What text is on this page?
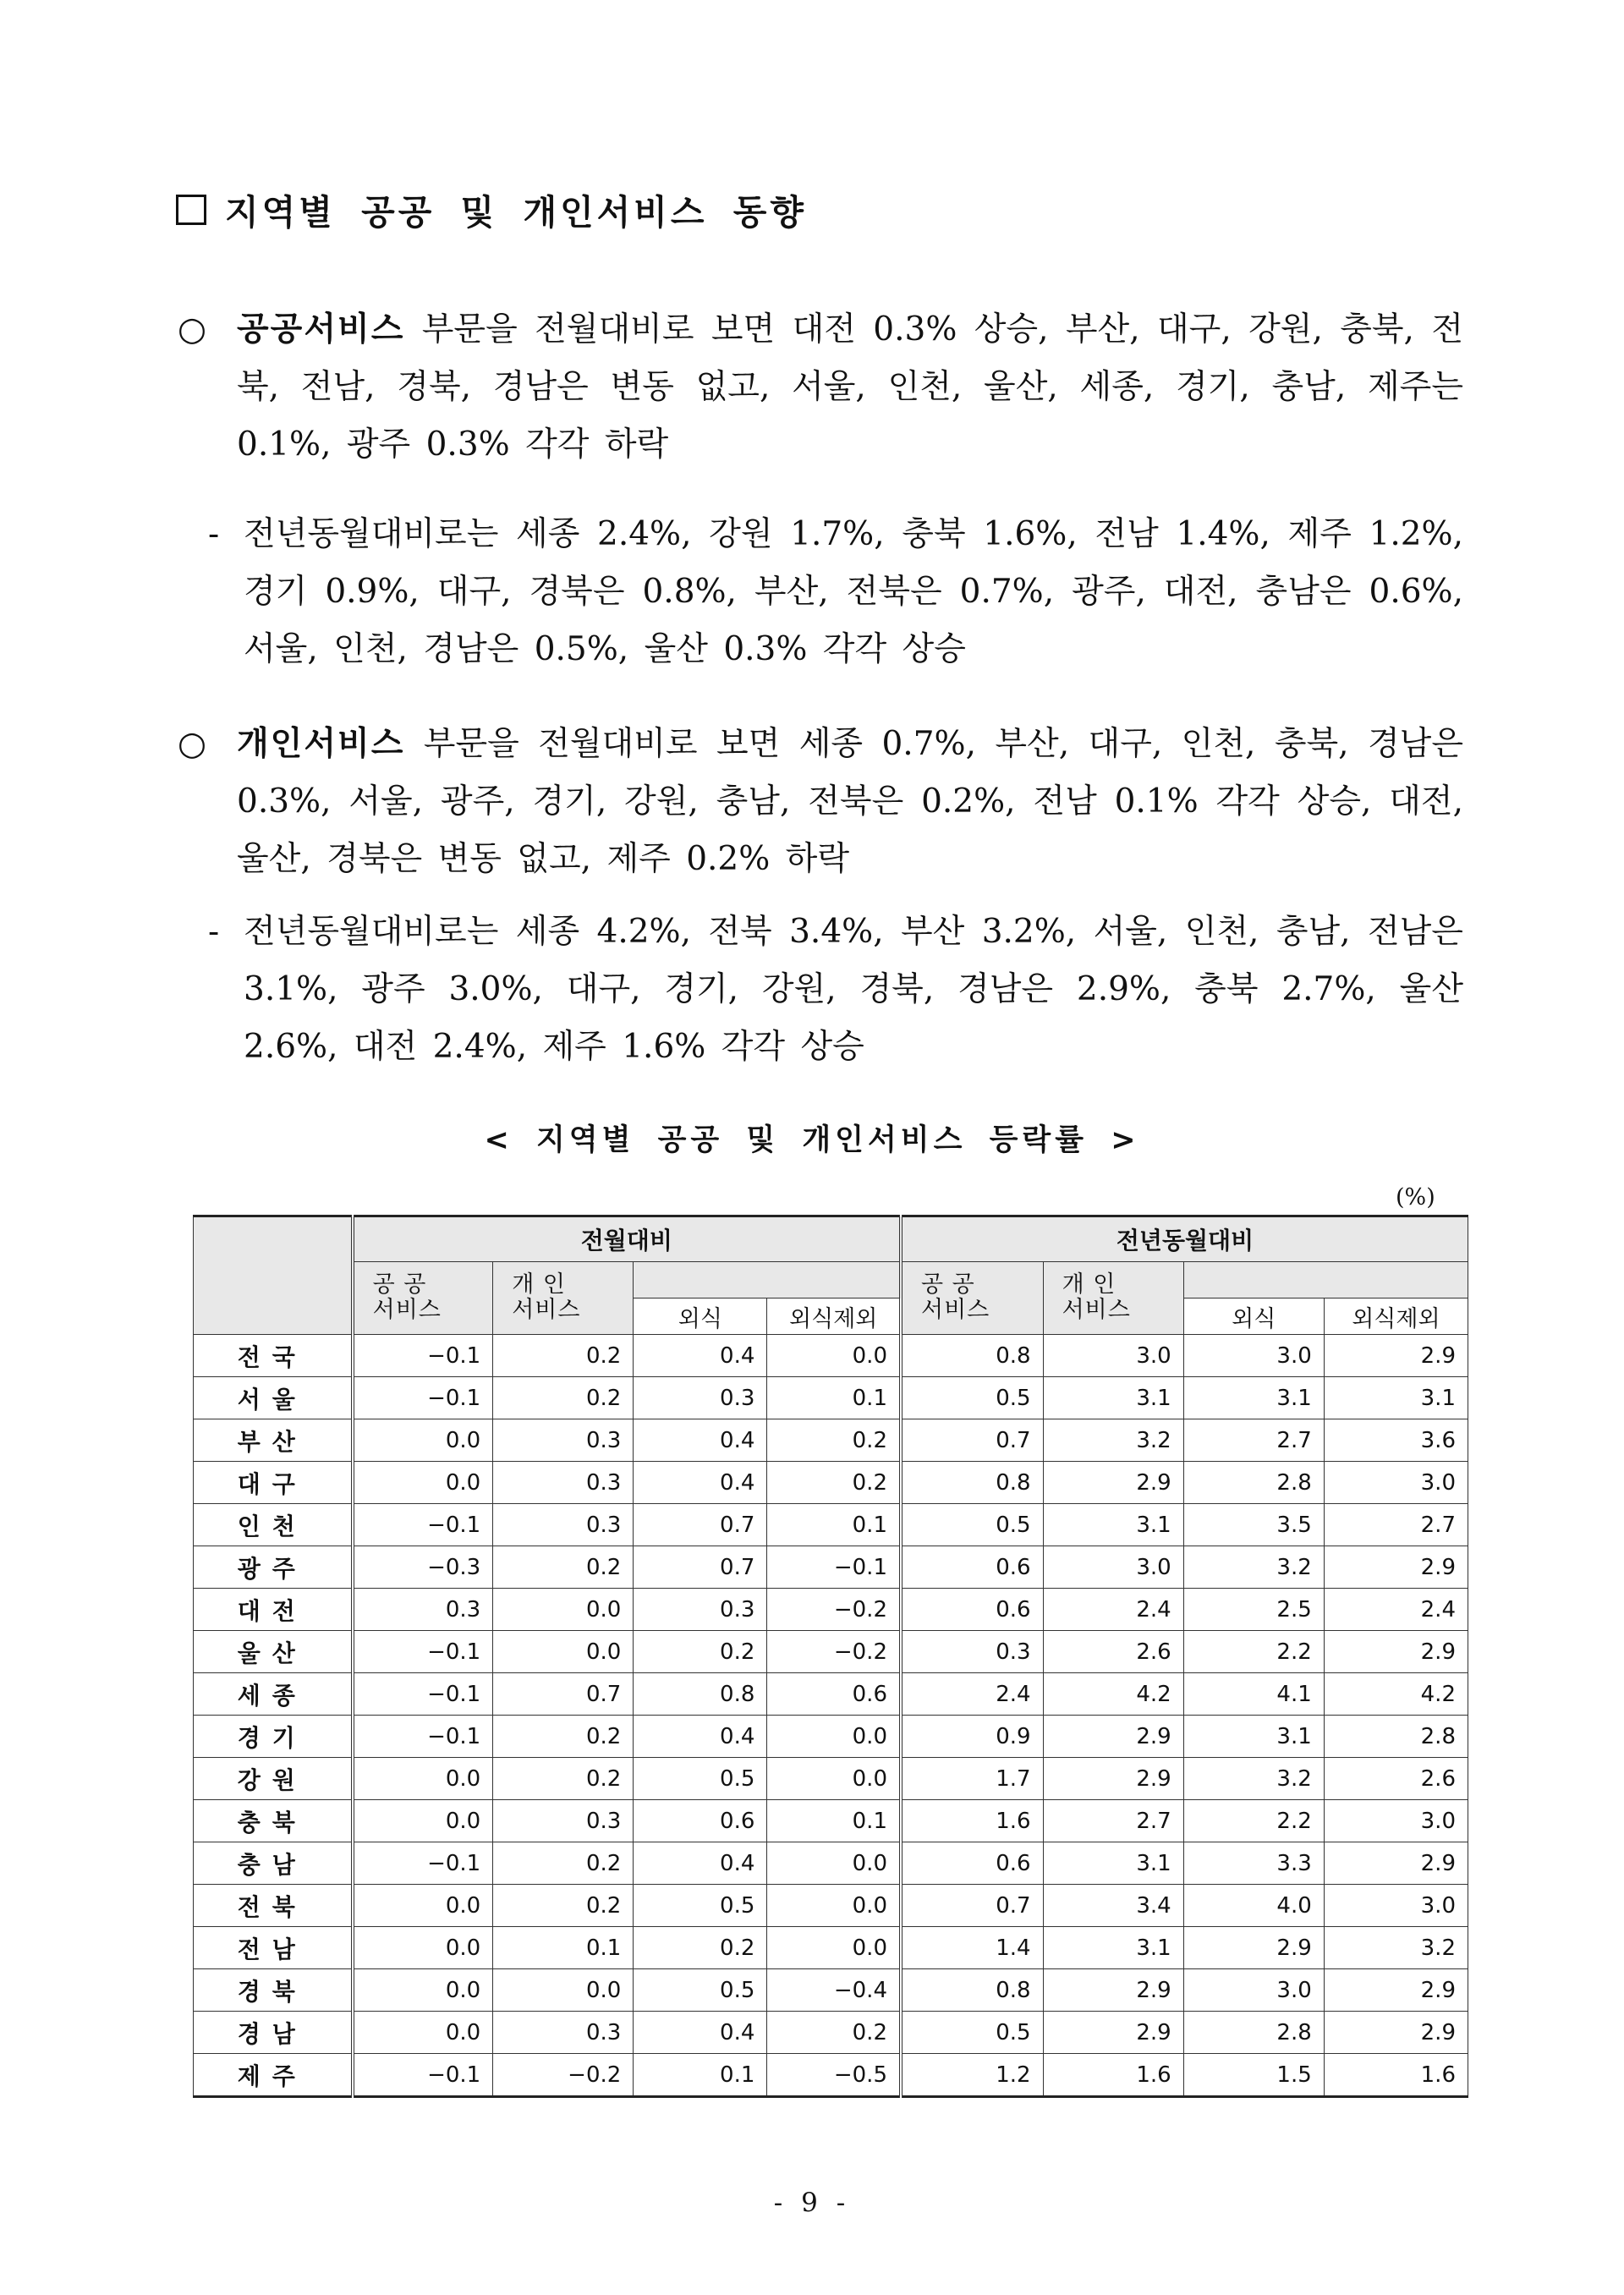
지역별 공공 및 개인서비스 동향
○ 공공서비스 부문을 전월대비로 보면 대전 0.3% 상승, 부산, 대구, 강원, 충북, 전북, 전남, 경북, 경남은 변동 없고, 서울, 인천, 울산, 세종, 경기, 충남, 제주는 0.1%, 광주 0.3% 각각 하락
- 전년동월대비로는 세종 2.4%, 강원 1.7%, 충북 1.6%, 전남 1.4%, 제주 1.2%, 경기 0.9%, 대구, 경북은 0.8%, 부산, 전북은 0.7%, 광주, 대전, 충남은 0.6%, 서울, 인천, 경남은 0.5%, 울산 0.3% 각각 상승
○ 개인서비스 부문을 전월대비로 보면 세종 0.7%, 부산, 대구, 인천, 충북, 경남은 0.3%, 서울, 광주, 경기, 강원, 충남, 전북은 0.2%, 전남 0.1% 각각 상승, 대전, 울산, 경북은 변동 없고, 제주 0.2% 하락
- 전년동월대비로는 세종 4.2%, 전북 3.4%, 부산 3.2%, 서울, 인천, 충남, 전남은 3.1%, 광주 3.0%, 대구, 경기, 강원, 경북, 경남은 2.9%, 충북 2.7%, 울산 2.6%, 대전 2.4%, 제주 1.6% 각각 상승
< 지역별 공공 및 개인서비스 등락률 >
(%)
	전월대비				전년동월대비			
	공 공
서비스	개 인
서비스			공 공
서비스	개 인
서비스		
			외식	외식제외			외식	외식제외
전국	−0.1	0.2	0.4	0.0	0.8	3.0	3.0	2.9
서울	−0.1	0.2	0.3	0.1	0.5	3.1	3.1	3.1
부산	0.0	0.3	0.4	0.2	0.7	3.2	2.7	3.6
대구	0.0	0.3	0.4	0.2	0.8	2.9	2.8	3.0
인천	−0.1	0.3	0.7	0.1	0.5	3.1	3.5	2.7
광주	−0.3	0.2	0.7	−0.1	0.6	3.0	3.2	2.9
대전	0.3	0.0	0.3	−0.2	0.6	2.4	2.5	2.4
울산	−0.1	0.0	0.2	−0.2	0.3	2.6	2.2	2.9
세종	−0.1	0.7	0.8	0.6	2.4	4.2	4.1	4.2
경기	−0.1	0.2	0.4	0.0	0.9	2.9	3.1	2.8
강원	0.0	0.2	0.5	0.0	1.7	2.9	3.2	2.6
충북	0.0	0.3	0.6	0.1	1.6	2.7	2.2	3.0
충남	−0.1	0.2	0.4	0.0	0.6	3.1	3.3	2.9
전북	0.0	0.2	0.5	0.0	0.7	3.4	4.0	3.0
전남	0.0	0.1	0.2	0.0	1.4	3.1	2.9	3.2
경북	0.0	0.0	0.5	−0.4	0.8	2.9	3.0	2.9
경남	0.0	0.3	0.4	0.2	0.5	2.9	2.8	2.9
제주	−0.1	−0.2	0.1	−0.5	1.2	1.6	1.5	1.6
- 9 -
